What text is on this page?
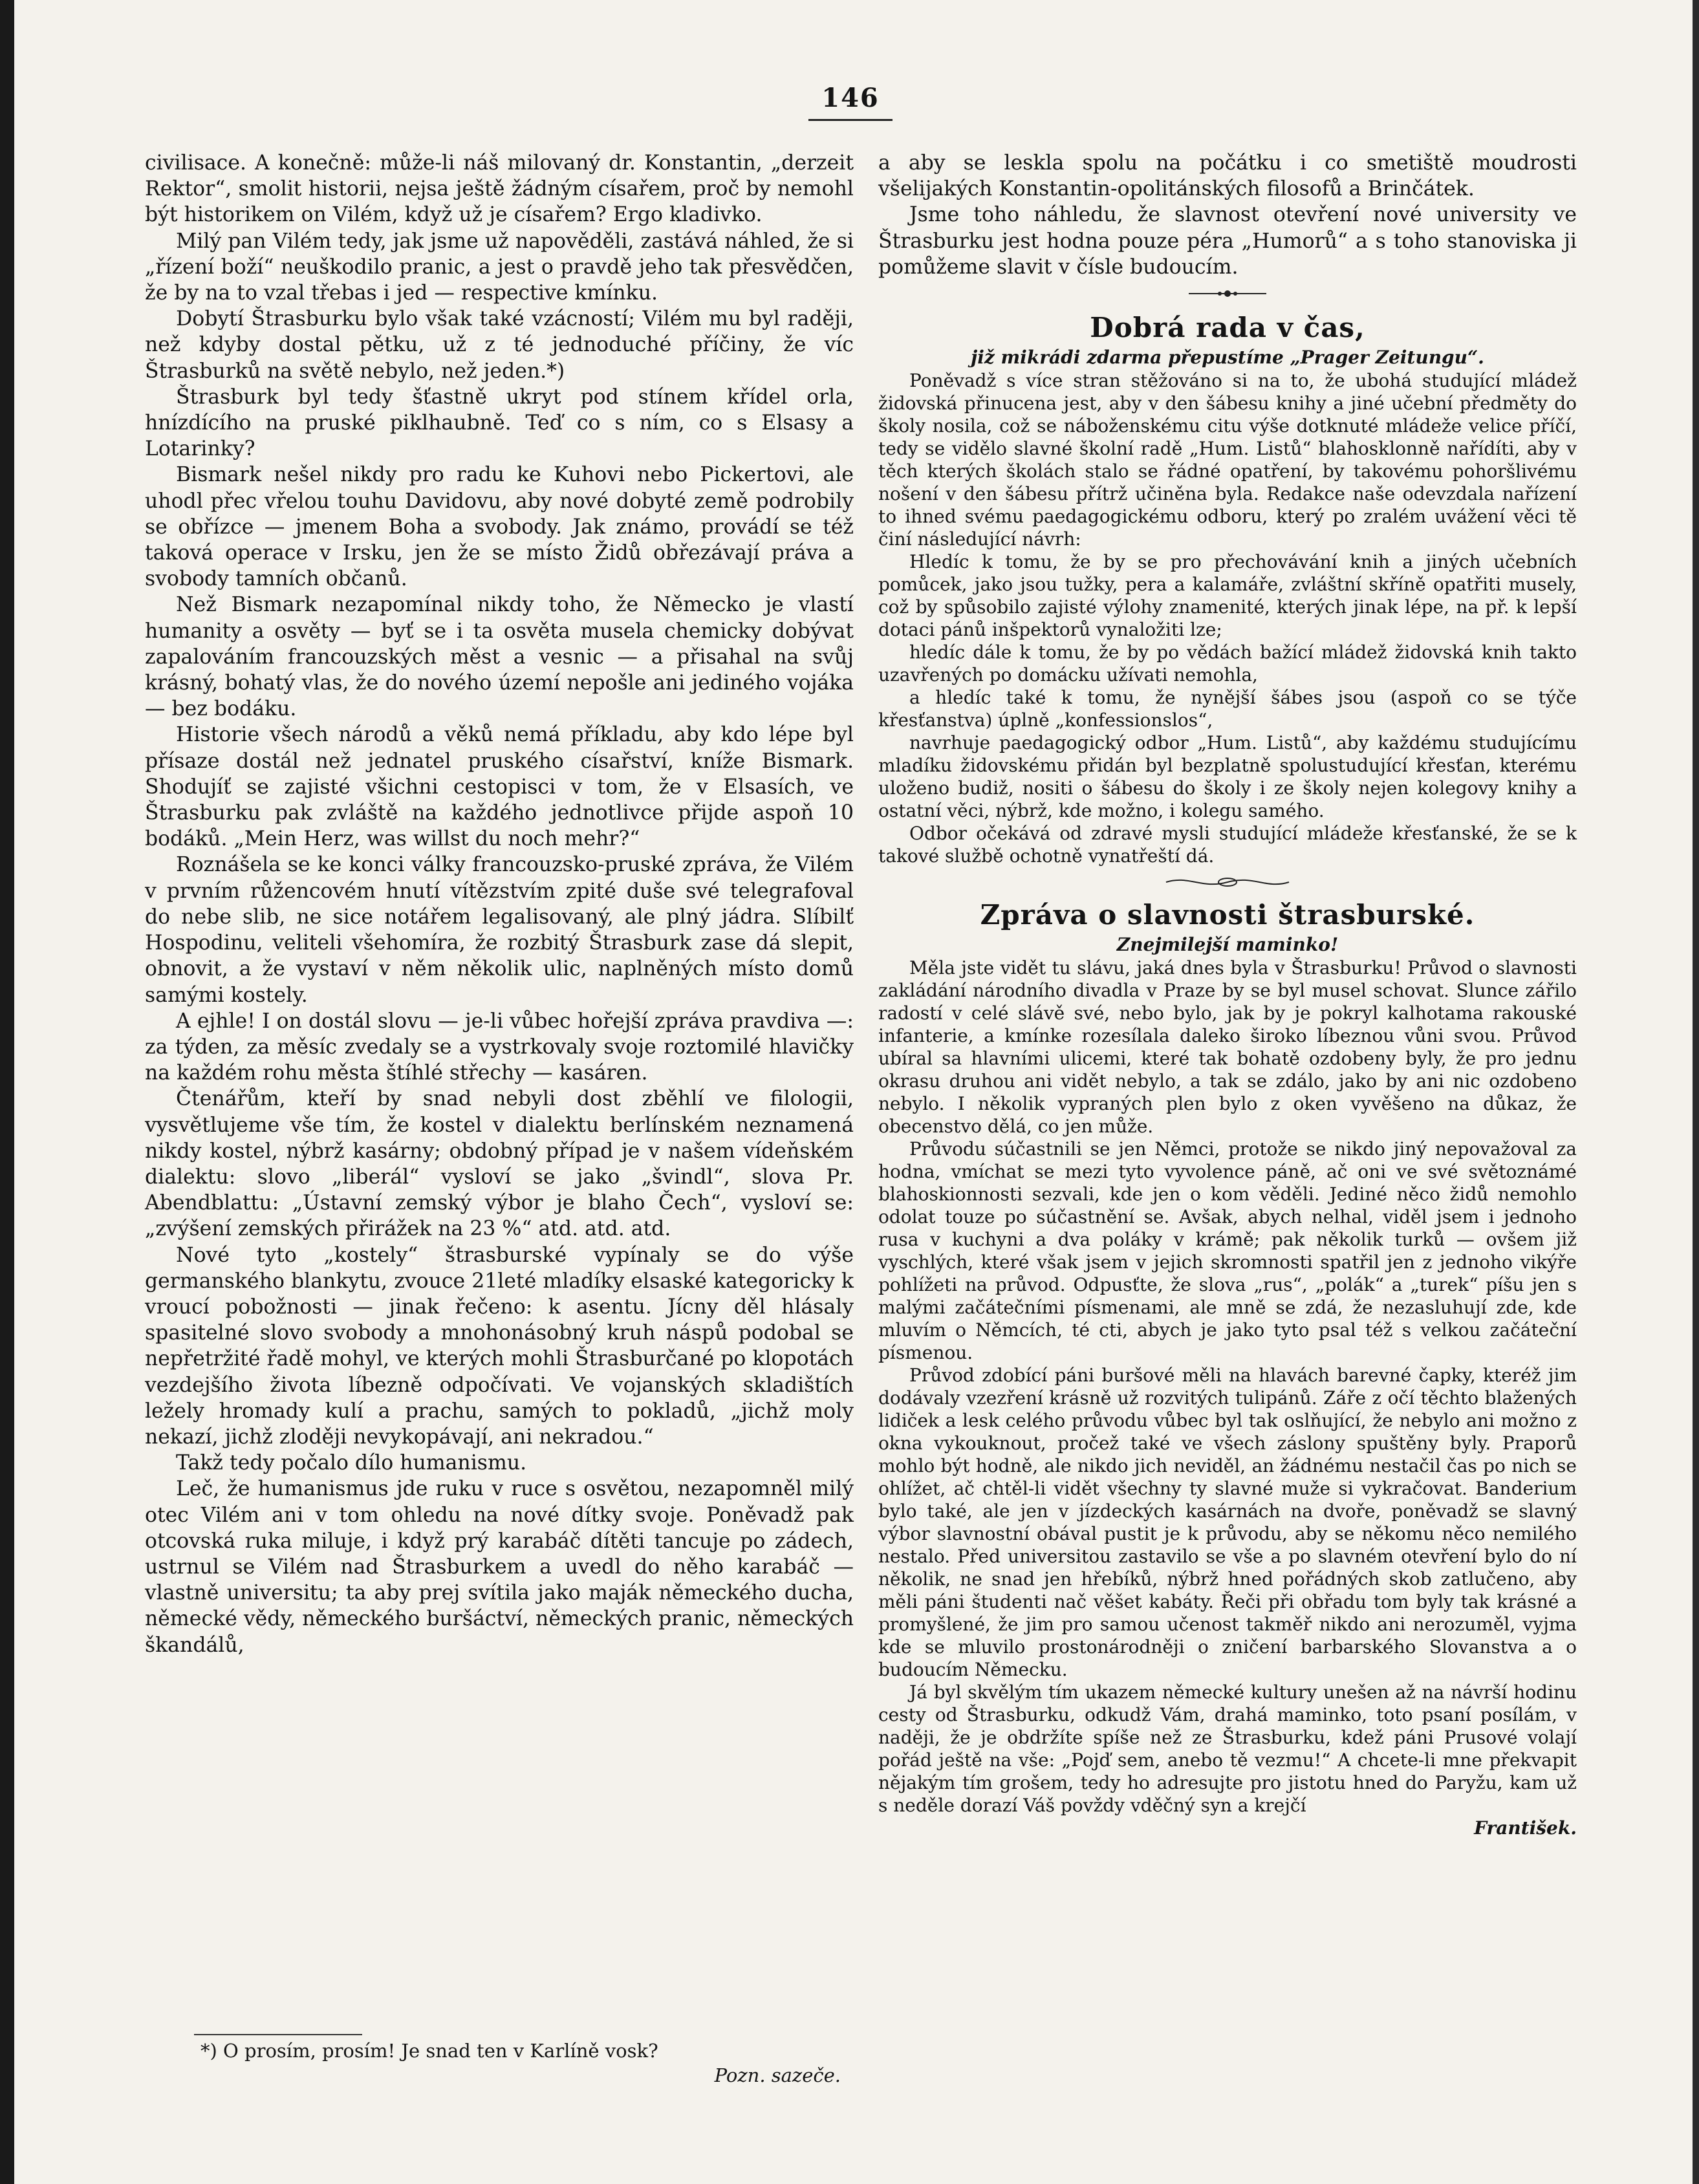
146

civilisace. A konečně: může-li náš milovaný dr. Konstantin, „derzeit Rektor“, smolit historii, nejsa ještě žádným císařem, proč by nemohl být historikem on Vilém, když už je císařem? Ergo kladivko.

Milý pan Vilém tedy, jak jsme už napověděli, zastává náhled, že si „řízení boží“ neuškodilo pranic, a jest o pravdě jeho tak přesvědčen, že by na to vzal třebas i jed — respective kmínku.

Dobytí Štrasburku bylo však také vzácností; Vilém mu byl raději, než kdyby dostal pětku, už z té jednoduché příčiny, že víc Štrasburků na světě nebylo, než jeden.*)

Štrasburk byl tedy šťastně ukryt pod stínem křídel orla, hnízdícího na pruské piklhaubně. Teď co s ním, co s Elsasy a Lotarinky?

Bismark nešel nikdy pro radu ke Kuhovi nebo Pickertovi, ale uhodl přec vřelou touhu Davidovu, aby nové dobyté země podrobily se obřízce — jmenem Boha a svobody. Jak známo, provádí se též taková operace v Irsku, jen že se místo Židů obřezávají práva a svobody tamních občanů.

Než Bismark nezapomínal nikdy toho, že Německo je vlastí humanity a osvěty — byť se i ta osvěta musela chemicky dobývat zapalováním francouzských měst a vesnic — a přisahal na svůj krásný, bohatý vlas, že do nového území nepošle ani jediného vojáka — bez bodáku.

Historie všech národů a věků nemá příkladu, aby kdo lépe byl přísaze dostál než jednatel pruského císařství, kníže Bismark. Shodujíť se zajisté všichni cestopisci v tom, že v Elsasích, ve Štrasburku pak zvláště na každého jednotlivce přijde aspoň 10 bodáků. „Mein Herz, was willst du noch mehr?“

Roznášela se ke konci války francouzsko-pruské zpráva, že Vilém v prvním růžencovém hnutí vítězstvím zpité duše své telegrafoval do nebe slib, ne sice notářem legalisovaný, ale plný jádra. Slíbilť Hospodinu, veliteli všehomíra, že rozbitý Štrasburk zase dá slepit, obnovit, a že vystaví v něm několik ulic, naplněných místo domů samými kostely.

A ejhle! I on dostál slovu — je-li vůbec hořejší zpráva pravdiva —: za týden, za měsíc zvedaly se a vystrkovaly svoje roztomilé hlavičky na každém rohu města štíhlé střechy — kasáren.

Čtenářům, kteří by snad nebyli dost zběhlí ve filologii, vysvětlujeme vše tím, že kostel v dialektu berlínském neznamená nikdy kostel, nýbrž kasárny; obdobný případ je v našem vídeňském dialektu: slovo „liberál“ vysloví se jako „švindl“, slova Pr. Abendblattu: „Ústavní zemský výbor je blaho Čech“, vysloví se: „zvýšení zemských přirážek na 23 %“ atd. atd. atd.

Nové tyto „kostely“ štrasburské vypínaly se do výše germanského blankytu, zvouce 21leté mladíky elsaské kategoricky k vroucí pobožnosti — jinak řečeno: k asentu. Jícny děl hlásaly spasitelné slovo svobody a mnohonásobný kruh náspů podobal se nepřetržité řadě mohyl, ve kterých mohli Štrasburčané po klopotách vezdejšího života líbezně odpočívati. Ve vojanských skladištích ležely hromady kulí a prachu, samých to pokladů, „jichž moly nekazí, jichž zloději nevykopávají, ani nekradou.“

Takž tedy počalo dílo humanismu.

Leč, že humanismus jde ruku v ruce s osvětou, nezapomněl milý otec Vilém ani v tom ohledu na nové dítky svoje. Poněvadž pak otcovská ruka miluje, i když prý karabáč dítěti tancuje po zádech, ustrnul se Vilém nad Štrasburkem a uvedl do něho karabáč — vlastně universitu; ta aby prej svítila jako maják německého ducha, německé vědy, německého buršáctví, německých pranic, německých škandálů,

*) O prosím, prosím! Je snad ten v Karlíně vosk?
Pozn. sazeče.

a aby se leskla spolu na počátku i co smetiště moudrosti všelijakých Konstantin-opolitánských filosofů a Brinčátek.

Jsme toho náhledu, že slavnost otevření nové university ve Štrasburku jest hodna pouze péra „Humorů“ a s toho stanoviska ji pomůžeme slavit v čísle budoucím.

Dobrá rada v čas,
již mikrádi zdarma přepustíme „Prager Zeitungu“.

Poněvadž s více stran stěžováno si na to, že ubohá studující mládež židovská přinucena jest, aby v den šábesu knihy a jiné učební předměty do školy nosila, což se náboženskému citu výše dotknuté mládeže velice příčí, tedy se vidělo slavné školní radě „Hum. Listů“ blahosklonně nařídíti, aby v těch kterých školách stalo se řádné opatření, by takovému pohoršlivému nošení v den šábesu přítrž učiněna byla. Redakce naše odevzdala nařízení to ihned svému paedagogickému odboru, který po zralém uvážení věci tě činí následující návrh:

Hledíc k tomu, že by se pro přechovávání knih a jiných učebních pomůcek, jako jsou tužky, pera a kalamáře, zvláštní skříně opatřiti musely, což by spůsobilo zajisté výlohy znamenité, kterých jinak lépe, na př. k lepší dotaci pánů inšpektorů vynaložiti lze;

hledíc dále k tomu, že by po vědách bažící mládež židovská knih takto uzavřených po domácku užívati nemohla,

a hledíc také k tomu, že nynější šábes jsou (aspoň co se týče křesťanstva) úplně „konfessionslos“,

navrhuje paedagogický odbor „Hum. Listů“, aby každému studujícímu mladíku židovskému přidán byl bezplatně spolustudující křesťan, kterému uloženo budiž, nositi o šábesu do školy i ze školy nejen kolegovy knihy a ostatní věci, nýbrž, kde možno, i kolegu samého.

Odbor očekává od zdravé mysli studující mládeže křesťanské, že se k takové službě ochotně vynatřeští dá.

Zpráva o slavnosti štrasburské.
Znejmilejší maminko!

Měla jste vidět tu slávu, jaká dnes byla v Štrasburku! Průvod o slavnosti zakládání národního divadla v Praze by se byl musel schovat. Slunce zářilo radostí v celé slávě své, nebo bylo, jak by je pokryl kalhotama rakouské infanterie, a kmínke rozesílala daleko široko líbeznou vůni svou. Průvod ubíral sa hlavními ulicemi, které tak bohatě ozdobeny byly, že pro jednu okrasu druhou ani vidět nebylo, a tak se zdálo, jako by ani nic ozdobeno nebylo. I několik vypraných plen bylo z oken vyvěšeno na důkaz, že obecenstvo dělá, co jen může.

Průvodu súčastnili se jen Němci, protože se nikdo jiný nepovažoval za hodna, vmíchat se mezi tyto vyvolence páně, ač oni ve své světoznámé blahoskionnosti sezvali, kde jen o kom věděli. Jediné něco židů nemohlo odolat touze po súčastnění se. Avšak, abych nelhal, viděl jsem i jednoho rusa v kuchyni a dva poláky v krámě; pak několik turků — ovšem již vyschlých, které však jsem v jejich skromnosti spatřil jen z jednoho vikýře pohlížeti na průvod. Odpusťte, že slova „rus“, „polák“ a „turek“ píšu jen s malými začátečními písmenami, ale mně se zdá, že nezasluhují zde, kde mluvím o Němcích, té cti, abych je jako tyto psal též s velkou začáteční písmenou.

Průvod zdobící páni buršové měli na hlavách barevné čapky, kteréž jim dodávaly vzezření krásně už rozvitých tulipánů. Záře z očí těchto blažených lidiček a lesk celého průvodu vůbec byl tak oslňující, že nebylo ani možno z okna vykouknout, pročež také ve všech záslony spuštěny byly. Praporů mohlo být hodně, ale nikdo jich neviděl, an žádnému nestačil čas po nich se ohlížet, ač chtěl-li vidět všechny ty slavné muže si vykračovat. Banderium bylo také, ale jen v jízdeckých kasárnách na dvoře, poněvadž se slavný výbor slavnostní obával pustit je k průvodu, aby se někomu něco nemilého nestalo. Před universitou zastavilo se vše a po slavném otevření bylo do ní několik, ne snad jen hřebíků, nýbrž hned pořádných skob zatlučeno, aby měli páni študenti nač věšet kabáty. Řeči při obřadu tom byly tak krásné a promyšlené, že jim pro samou učenost takměř nikdo ani nerozuměl, vyjma kde se mluvilo prostonárodněji o zničení barbarského Slovanstva a o budoucím Německu.

Já byl skvělým tím ukazem německé kultury unešen až na návrší hodinu cesty od Štrasburku, odkudž Vám, drahá maminko, toto psaní posílám, v naději, že je obdržíte spíše než ze Štrasburku, kdež páni Prusové volají pořád ještě na vše: „Pojď sem, anebo tě vezmu!“ A chcete-li mne překvapit nějakým tím grošem, tedy ho adresujte pro jistotu hned do Paryžu, kam už s neděle dorazí Váš povždy vděčný syn a krejčí

František.
